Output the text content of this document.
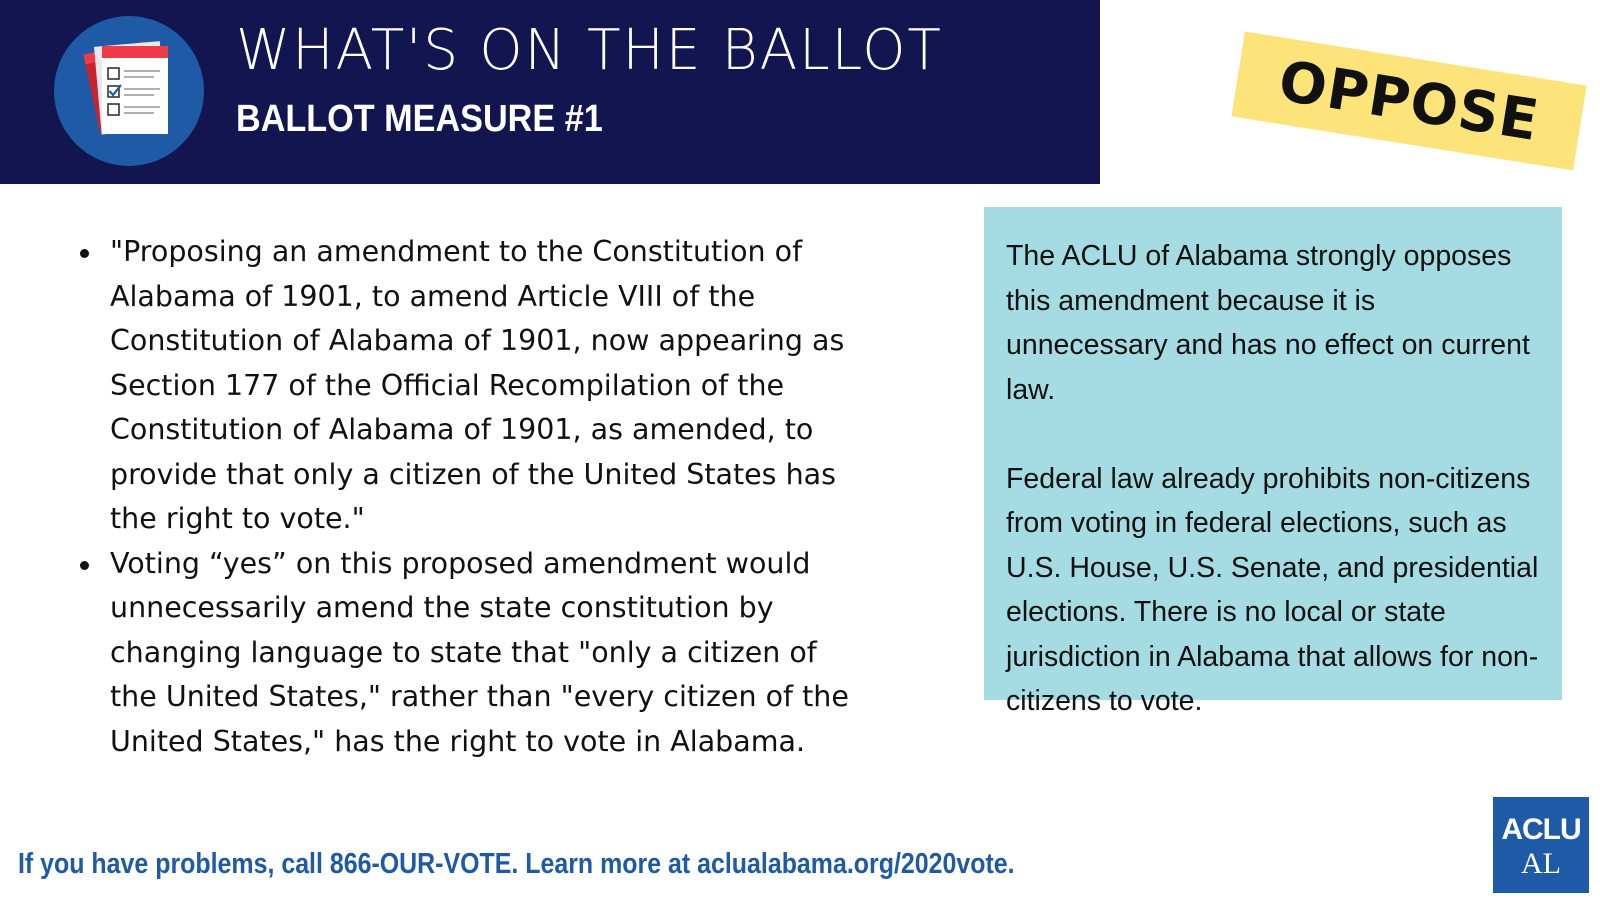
WHAT'S ON THE BALLOT
BALLOT MEASURE #1	OPPOSE
"Proposing an amendment to the Constitution of Alabama of 1901, to amend Article VIII of the Constitution of Alabama of 1901, now appearing as Section 177 of the Official Recompilation of the Constitution of Alabama of 1901, as amended, to provide that only a citizen of the United States has the right to vote."
Voting “yes” on this proposed amendment would unnecessarily amend the state constitution by changing language to state that "only a citizen of the United States," rather than "every citizen of the United States," has the right to vote in Alabama.

The ACLU of Alabama strongly opposes this amendment because it is unnecessary and has no effect on current law.

Federal law already prohibits non-citizens from voting in federal elections, such as U.S. House, U.S. Senate, and presidential elections. There is no local or state jurisdiction in Alabama that allows for non-citizens to vote.

If you have problems, call 866-OUR-VOTE. Learn more at aclualabama.org/2020vote.
ACLU
AL
